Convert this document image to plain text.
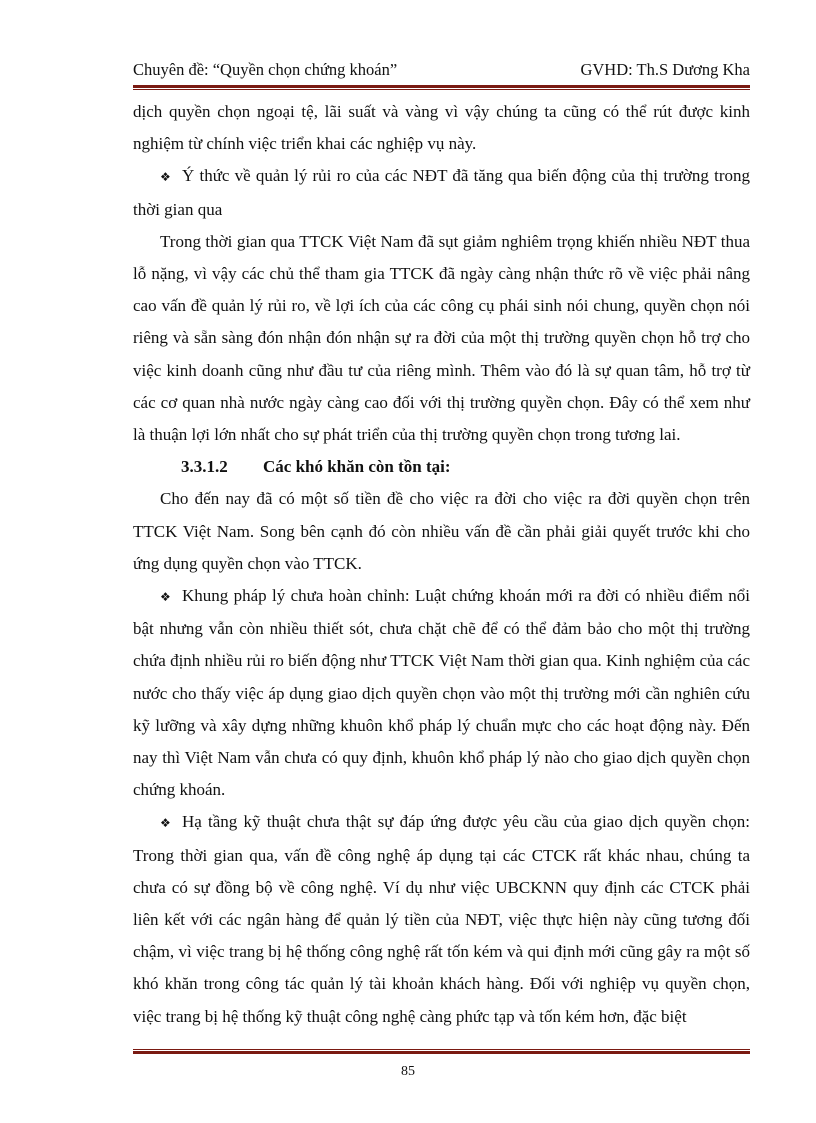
Chuyên đề: “Quyền chọn chứng khoán”	GVHD: Th.S Dương Kha

dịch quyền chọn ngoại tệ, lãi suất và vàng vì vậy chúng ta cũng có thể rút được kinh nghiệm từ chính việc triển khai các nghiệp vụ này.

❖ Ý thức về quản lý rủi ro của các NĐT đã tăng qua biến động của thị trường trong thời gian qua

Trong thời gian qua TTCK Việt Nam đã sụt giảm nghiêm trọng khiến nhiều NĐT thua lỗ nặng, vì vậy các chủ thể tham gia TTCK đã ngày càng nhận thức rõ về việc phải nâng cao vấn đề quản lý rủi ro, về lợi ích của các công cụ phái sinh nói chung, quyền chọn nói riêng và sẵn sàng đón nhận đón nhận sự ra đời của một thị trường quyền chọn hỗ trợ cho việc kinh doanh cũng như đầu tư của riêng mình. Thêm vào đó là sự quan tâm, hỗ trợ từ các cơ quan nhà nước ngày càng cao đối với thị trường quyền chọn. Đây có thể xem như là thuận lợi lớn nhất cho sự phát triển của thị trường quyền chọn trong tương lai.

3.3.1.2 Các khó khăn còn tồn tại:

Cho đến nay đã có một số tiền đề cho việc ra đời cho việc ra đời quyền chọn trên TTCK Việt Nam. Song bên cạnh đó còn nhiều vấn đề cần phải giải quyết trước khi cho ứng dụng quyền chọn vào TTCK.

❖ Khung pháp lý chưa hoàn chỉnh: Luật chứng khoán mới ra đời có nhiều điểm nổi bật nhưng vẫn còn nhiều thiết sót, chưa chặt chẽ để có thể đảm bảo cho một thị trường chứa định nhiều rủi ro biến động như TTCK Việt Nam thời gian qua. Kinh nghiệm của các nước cho thấy việc áp dụng giao dịch quyền chọn vào một thị trường mới cần nghiên cứu kỹ lưỡng và xây dựng những khuôn khổ pháp lý chuẩn mực cho các hoạt động này. Đến nay thì Việt Nam vẫn chưa có quy định, khuôn khổ pháp lý nào cho giao dịch quyền chọn chứng khoán.

❖ Hạ tầng kỹ thuật chưa thật sự đáp ứng được yêu cầu của giao dịch quyền chọn: Trong thời gian qua, vấn đề công nghệ áp dụng tại các CTCK rất khác nhau, chúng ta chưa có sự đồng bộ về công nghệ. Ví dụ như việc UBCKNN quy định các CTCK phải liên kết với các ngân hàng để quản lý tiền của NĐT, việc thực hiện này cũng tương đối chậm, vì việc trang bị hệ thống công nghệ rất tốn kém và qui định mới cũng gây ra một số khó khăn trong công tác quản lý tài khoản khách hàng. Đối với nghiệp vụ quyền chọn, việc trang bị hệ thống kỹ thuật công nghệ càng phức tạp và tốn kém hơn, đặc biệt

85
